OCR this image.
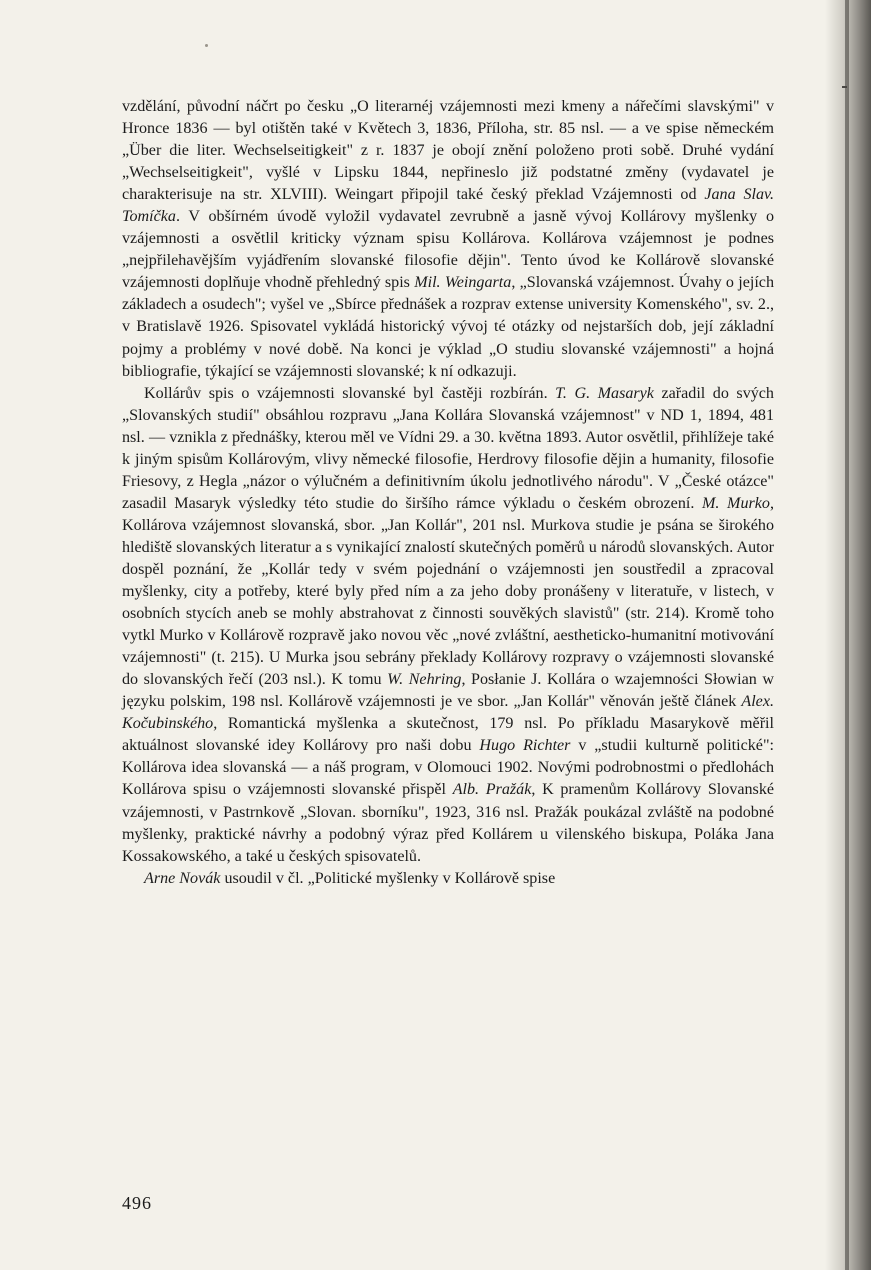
vzdělání, původní náčrt po česku „O literarnéj vzájemnosti mezi kmeny a nářečími slavskými" v Hronce 1836 — byl otištěn také v Květech 3, 1836, Příloha, str. 85 nsl. — a ve spise německém „Über die liter. Wechselseitigkeit" z r. 1837 je obojí znění položeno proti sobě. Druhé vydání „Wechselseitigkeit", vyšlé v Lipsku 1844, nepřineslo již podstatné změny (vydavatel je charakterisuje na str. XLVIII). Weingart připojil také český překlad Vzájemnosti od Jana Slav. Tomíčka. V obšírném úvodě vyložil vydavatel zevrubně a jasně vývoj Kollárovy myšlenky o vzájemnosti a osvětlil kriticky význam spisu Kollárova. Kollárova vzájemnost je podnes „nejpřilehavějším vyjádřením slovanské filosofie dějin". Tento úvod ke Kollárově slovanské vzájemnosti doplňuje vhodně přehledný spis Mil. Weingarta, „Slovanská vzájemnost. Úvahy o jejích základech a osudech"; vyšel ve „Sbírce přednášek a rozprav extense university Komenského", sv. 2., v Bratislavě 1926. Spisovatel vykládá historický vývoj té otázky od nejstarších dob, její základní pojmy a problémy v nové době. Na konci je výklad „O studiu slovanské vzájemnosti" a hojná bibliografie, týkající se vzájemnosti slovanské; k ní odkazuji.

Kollárův spis o vzájemnosti slovanské byl častěji rozbírán. T. G. Masaryk zařadil do svých „Slovanských studií" obsáhlou rozpravu „Jana Kollára Slovanská vzájemnost" v ND 1, 1894, 481 nsl. — vznikla z přednášky, kterou měl ve Vídni 29. a 30. května 1893. Autor osvětlil, přihlížeje také k jiným spisům Kollárovým, vlivy německé filosofie, Herdrovy filosofie dějin a humanity, filosofie Friesovy, z Hegla „názor o výlučném a definitivním úkolu jednotlivého národu". V „České otázce" zasadil Masaryk výsledky této studie do širšího rámce výkladu o českém obrození. M. Murko, Kollárova vzájemnost slovanská, sbor. „Jan Kollár", 201 nsl. Murkova studie je psána se širokého hlediště slovanských literatur a s vynikající znalostí skutečných poměrů u národů slovanských. Autor dospěl poznání, že „Kollár tedy v svém pojednání o vzájemnosti jen soustředil a zpracoval myšlenky, city a potřeby, které byly před ním a za jeho doby pronášeny v literatuře, v listech, v osobních stycích aneb se mohly abstrahovat z činnosti souvěkých slavistů" (str. 214). Kromě toho vytkl Murko v Kollárově rozpravě jako novou věc „nové zvláštní, aestheticko-humanitní motivování vzájemnosti" (t. 215). U Murka jsou sebrány překlady Kollárovy rozpravy o vzájemnosti slovanské do slovanských řečí (203 nsl.). K tomu W. Nehring, Posłanie J. Kollára o wzajemności Słowian w języku polskim, 198 nsl. Kollárově vzájemnosti je ve sbor. „Jan Kollár" věnován ještě článek Alex. Kočubinského, Romantická myšlenka a skutečnost, 179 nsl. Po příkladu Masarykově měřil aktuálnost slovanské idey Kollárovy pro naši dobu Hugo Richter v „studii kulturně politické": Kollárova idea slovanská — a náš program, v Olomouci 1902. Novými podrobnostmi o předlohách Kollárova spisu o vzájemnosti slovanské přispěl Alb. Pražák, K pramenům Kollárovy Slovanské vzájemnosti, v Pastrnkově „Slovan. sborníku", 1923, 316 nsl. Pražák poukázal zvláště na podobné myšlenky, praktické návrhy a podobný výraz před Kollárem u vilenského biskupa, Poláka Jana Kossakowského, a také u českých spisovatelů.

Arne Novák usoudil v čl. „Politické myšlenky v Kollárově spise

496
